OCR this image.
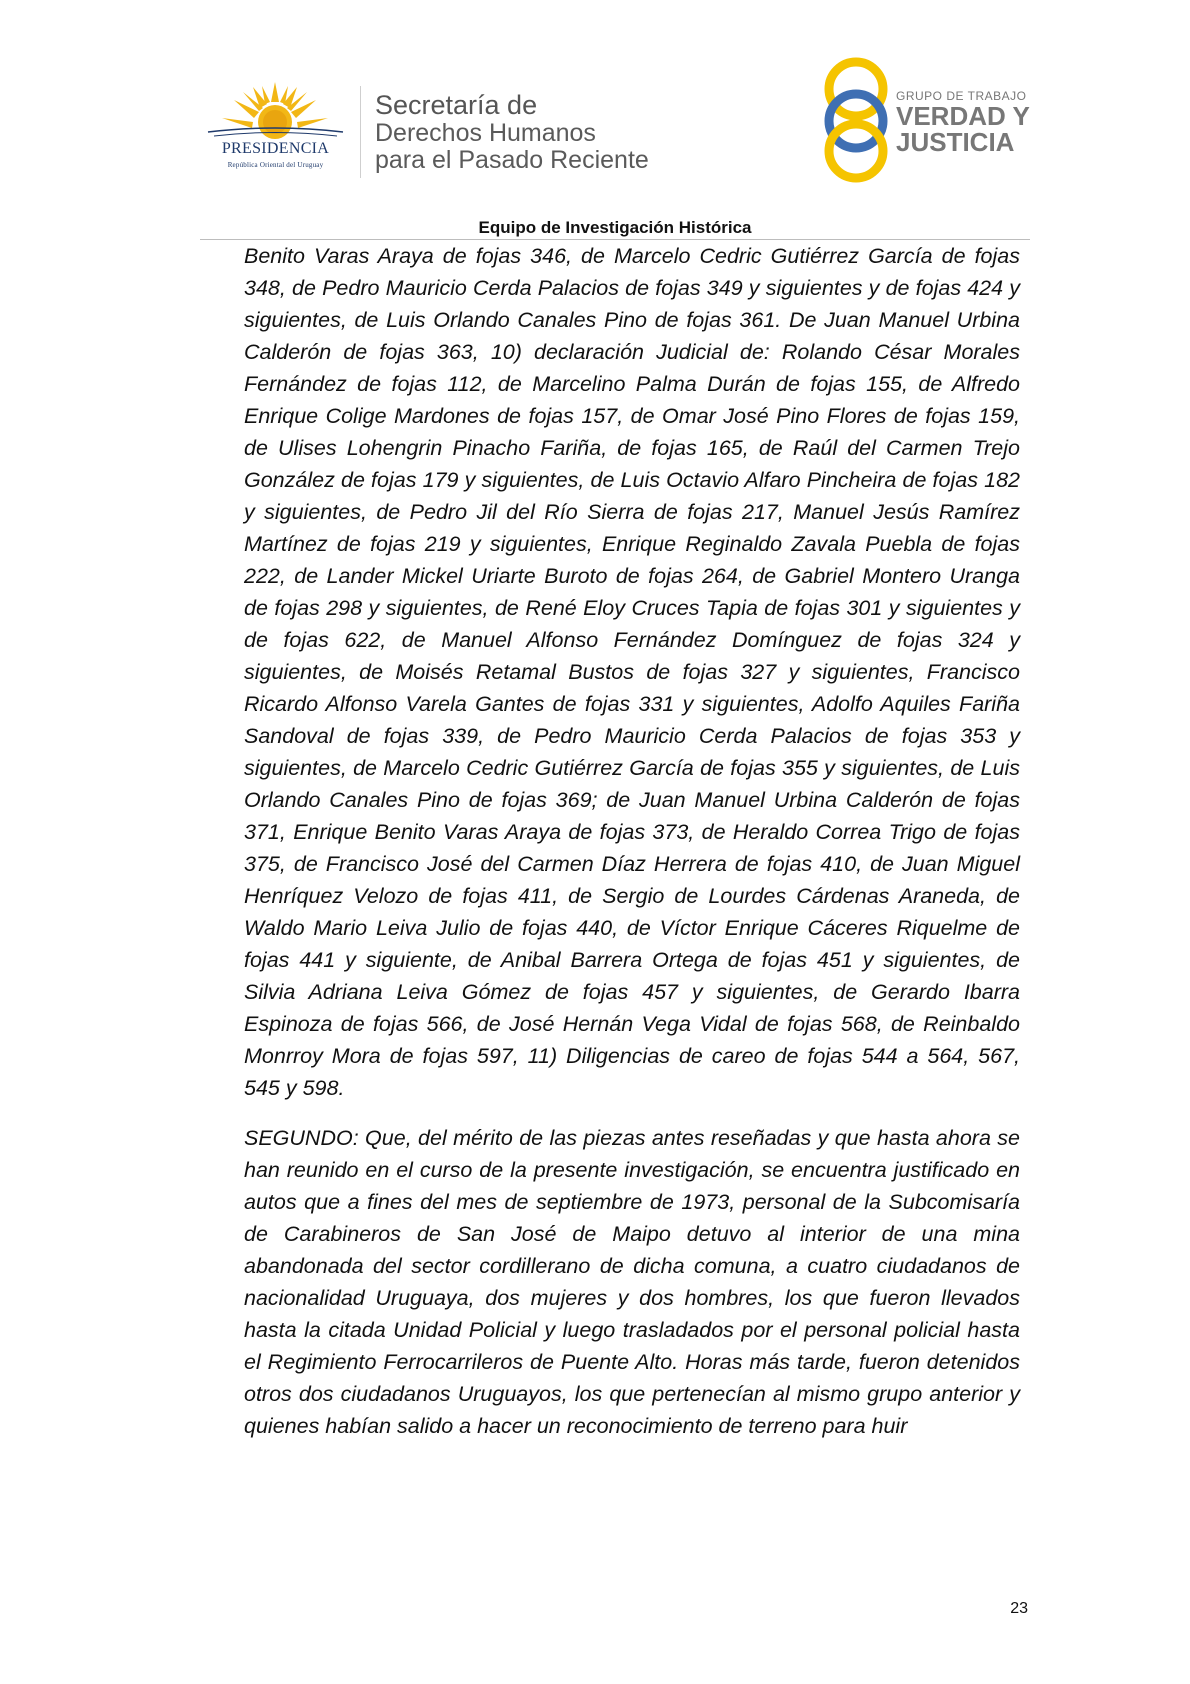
PRESIDENCIA
República Oriental del Uruguay
Secretaría de
Derechos Humanos
para el Pasado Reciente
GRUPO DE TRABAJO
VERDAD Y
JUSTICIA
Equipo de Investigación Histórica

Benito Varas Araya de fojas 346, de Marcelo Cedric Gutiérrez García de fojas 348, de Pedro Mauricio Cerda Palacios de fojas 349 y siguientes y de fojas 424 y siguientes, de Luis Orlando Canales Pino de fojas 361. De Juan Manuel Urbina Calderón de fojas 363, 10) declaración Judicial de: Rolando César Morales Fernández de fojas 112, de Marcelino Palma Durán de fojas 155, de Alfredo Enrique Colige Mardones de fojas 157, de Omar José Pino Flores de fojas 159, de Ulises Lohengrin Pinacho Fariña, de fojas 165, de Raúl del Carmen Trejo González de fojas 179 y siguientes, de Luis Octavio Alfaro Pincheira de fojas 182 y siguientes, de Pedro Jil del Río Sierra de fojas 217, Manuel Jesús Ramírez Martínez de fojas 219 y siguientes, Enrique Reginaldo Zavala Puebla de fojas 222, de Lander Mickel Uriarte Buroto de fojas 264, de Gabriel Montero Uranga de fojas 298 y siguientes, de René Eloy Cruces Tapia de fojas 301 y siguientes y de fojas 622, de Manuel Alfonso Fernández Domínguez de fojas 324 y siguientes, de Moisés Retamal Bustos de fojas 327 y siguientes, Francisco Ricardo Alfonso Varela Gantes de fojas 331 y siguientes, Adolfo Aquiles Fariña Sandoval de fojas 339, de Pedro Mauricio Cerda Palacios de fojas 353 y siguientes, de Marcelo Cedric Gutiérrez García de fojas 355 y siguientes, de Luis Orlando Canales Pino de fojas 369; de Juan Manuel Urbina Calderón de fojas 371, Enrique Benito Varas Araya de fojas 373, de Heraldo Correa Trigo de fojas 375, de Francisco José del Carmen Díaz Herrera de fojas 410, de Juan Miguel Henríquez Velozo de fojas 411, de Sergio de Lourdes Cárdenas Araneda, de Waldo Mario Leiva Julio de fojas 440, de Víctor Enrique Cáceres Riquelme de fojas 441 y siguiente, de Anibal Barrera Ortega de fojas 451 y siguientes, de Silvia Adriana Leiva Gómez de fojas 457 y siguientes, de Gerardo Ibarra Espinoza de fojas 566, de José Hernán Vega Vidal de fojas 568, de Reinbaldo Monrroy Mora de fojas 597, 11) Diligencias de careo de fojas 544 a 564, 567, 545 y 598.

SEGUNDO: Que, del mérito de las piezas antes reseñadas y que hasta ahora se han reunido en el curso de la presente investigación, se encuentra justificado en autos que a fines del mes de septiembre de 1973, personal de la Subcomisaría de Carabineros de San José de Maipo detuvo al interior de una mina abandonada del sector cordillerano de dicha comuna, a cuatro ciudadanos de nacionalidad Uruguaya, dos mujeres y dos hombres, los que fueron llevados hasta la citada Unidad Policial y luego trasladados por el personal policial hasta el Regimiento Ferrocarrileros de Puente Alto. Horas más tarde, fueron detenidos otros dos ciudadanos Uruguayos, los que pertenecían al mismo grupo anterior y quienes habían salido a hacer un reconocimiento de terreno para huir

23
